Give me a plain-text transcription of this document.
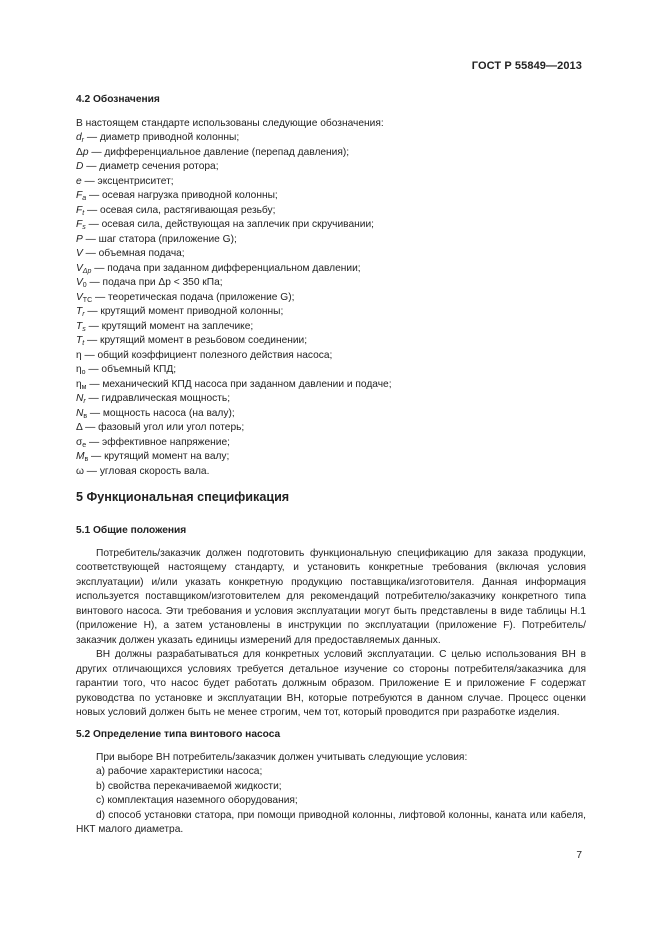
ГОСТ Р 55849—2013

4.2 Обозначения

В настоящем стандарте использованы следующие обозначения:

$d_r$ — диаметр приводной колонны;

Δp — дифференциальное давление (перепад давления);

D — диаметр сечения ротора;

e — эксцентриситет;

$F_a$ — осевая нагрузка приводной колонны;

$F_t$ — осевая сила, растягивающая резьбу;

$F_s$ — осевая сила, действующая на заплечик при скручивании;

P — шаг статора (приложение G);

V — объемная подача;

$V_{\Delta p}$ — подача при заданном дифференциальном давлении;

$V_0$ — подача при Δp < 350 кПа;

$V_{TC}$ — теоретическая подача (приложение G);

$T_r$ — крутящий момент приводной колонны;

$T_s$ — крутящий момент на заплечике;

$T_t$ — крутящий момент в резьбовом соединении;

η — общий коэффициент полезного действия насоса;

$\eta_о$ — объемный КПД;

$\eta_м$ — механический КПД насоса при заданном давлении и подаче;

$N_r$ — гидравлическая мощность;

$N_в$ — мощность насоса (на валу);

Δ — фазовый угол или угол потерь;

$\sigma_e$ — эффективное напряжение;

$M_в$ — крутящий момент на валу;

ω — угловая скорость вала.

5 Функциональная спецификация

5.1 Общие положения

Потребитель/заказчик должен подготовить функциональную спецификацию для заказа продукции, соответствующей настоящему стандарту, и установить конкретные требования (включая условия эксплуатации) и/или указать конкретную продукцию поставщика/изготовителя. Данная информация используется поставщиком/изготовителем для рекомендаций потребителю/заказчику конкретного типа винтового насоса. Эти требования и условия эксплуатации могут быть представлены в виде таблицы Н.1 (приложение Н), а затем установлены в инструкции по эксплуатации (приложение F). Потребитель/заказчик должен указать единицы измерений для предоставляемых данных.

ВН должны разрабатываться для конкретных условий эксплуатации. С целью использования ВН в других отличающихся условиях требуется детальное изучение со стороны потребителя/заказчика для гарантии того, что насос будет работать должным образом. Приложение Е и приложение F содержат руководства по установке и эксплуатации ВН, которые потребуются в данном случае. Процесс оценки новых условий должен быть не менее строгим, чем тот, который проводится при разработке изделия.

5.2 Определение типа винтового насоса

При выборе ВН потребитель/заказчик должен учитывать следующие условия:

а) рабочие характеристики насоса;

b) свойства перекачиваемой жидкости;

c) комплектация наземного оборудования;

d) способ установки статора, при помощи приводной колонны, лифтовой колонны, каната или кабеля, НКТ малого диаметра.

7
